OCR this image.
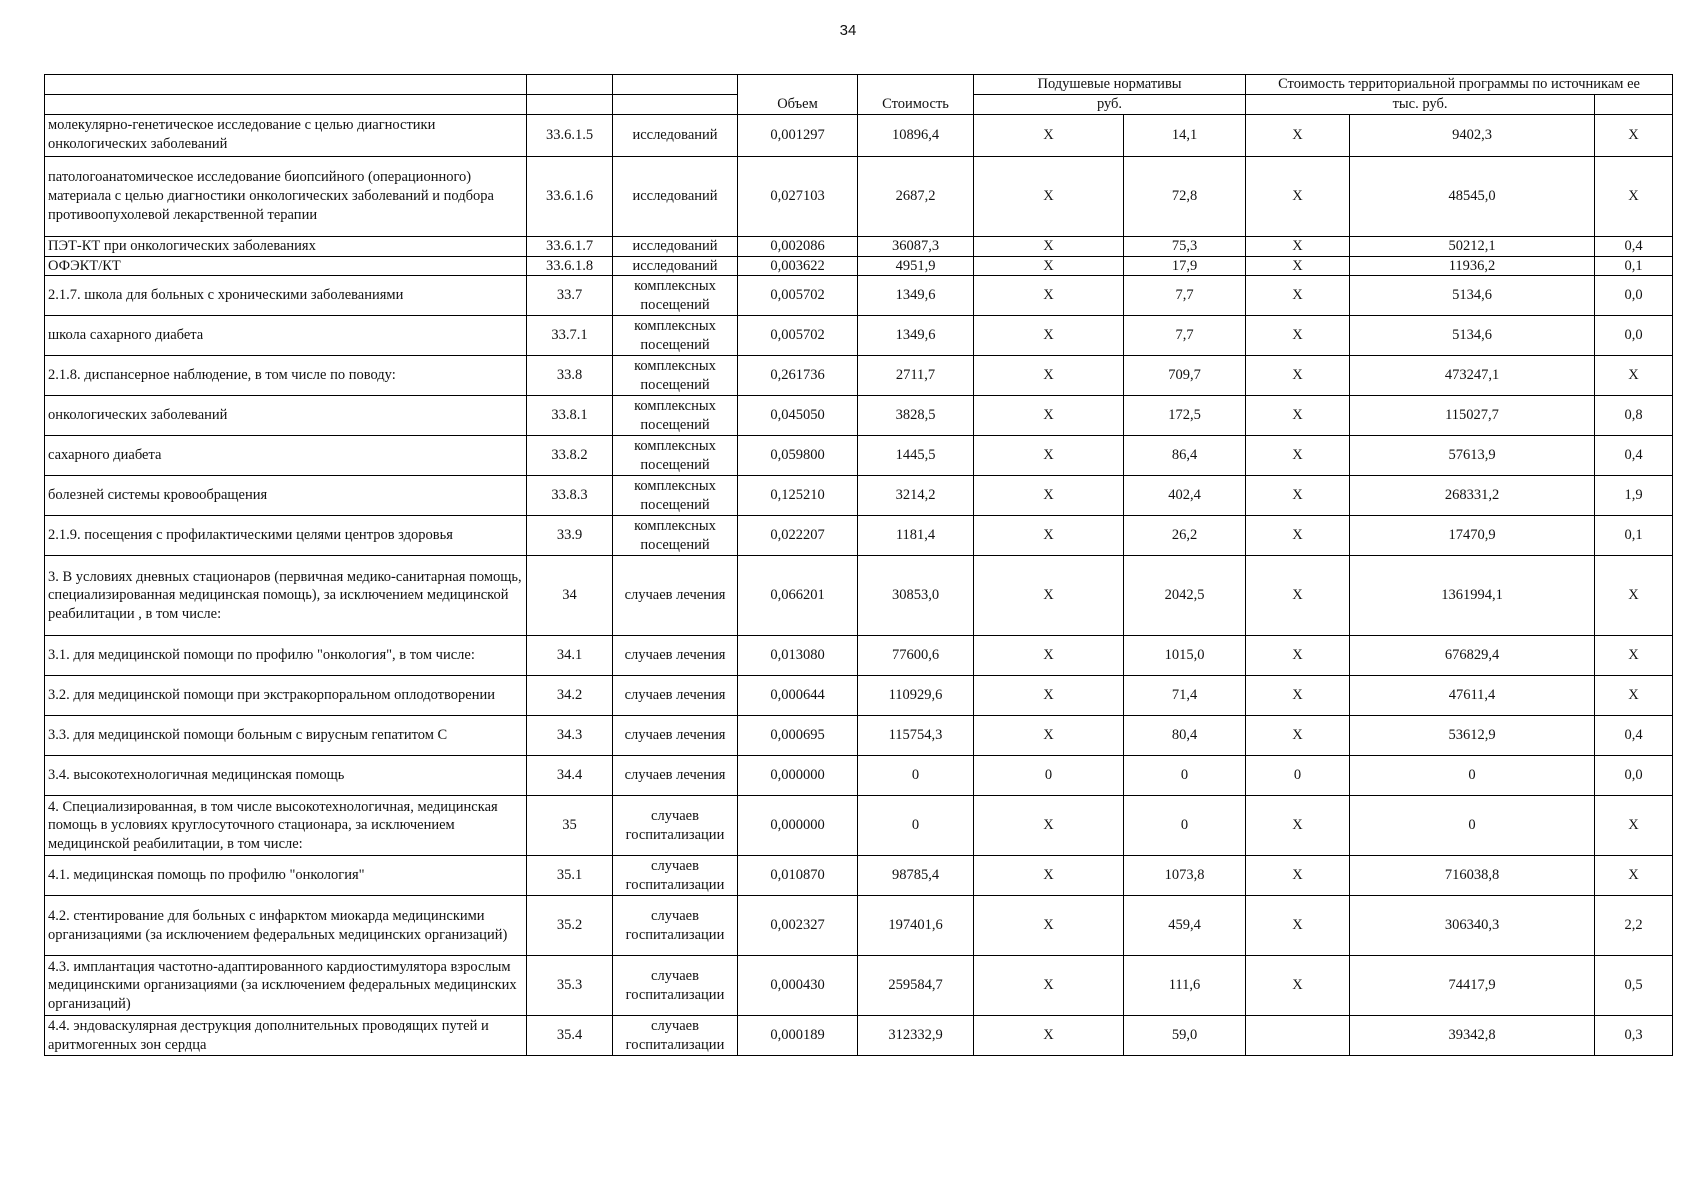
34
			Объем	Стоимость	Подушевые нормативы		Стоимость территориальной программы по источникам ее		
					руб.		тыс. руб.		
молекулярно-генетическое исследование с целью диагностики онкологических заболеваний	33.6.1.5	исследований	0,001297	10896,4	Х	14,1	Х	9402,3	Х
патологоанатомическое исследование биопсийного (операционного) материала с целью диагностики онкологических заболеваний и подбора противоопухолевой лекарственной терапии	33.6.1.6	исследований	0,027103	2687,2	Х	72,8	Х	48545,0	Х
ПЭТ-КТ при онкологических заболеваниях	33.6.1.7	исследований	0,002086	36087,3	Х	75,3	Х	50212,1	0,4
ОФЭКТ/КТ	33.6.1.8	исследований	0,003622	4951,9	Х	17,9	Х	11936,2	0,1
2.1.7. школа для больных с хроническими заболеваниями	33.7	комплексных посещений	0,005702	1349,6	Х	7,7	Х	5134,6	0,0
школа сахарного диабета	33.7.1	комплексных посещений	0,005702	1349,6	Х	7,7	Х	5134,6	0,0
2.1.8. диспансерное наблюдение, в том числе по поводу:	33.8	комплексных посещений	0,261736	2711,7	Х	709,7	Х	473247,1	Х
онкологических заболеваний	33.8.1	комплексных посещений	0,045050	3828,5	Х	172,5	Х	115027,7	0,8
сахарного диабета	33.8.2	комплексных посещений	0,059800	1445,5	Х	86,4	Х	57613,9	0,4
болезней системы кровообращения	33.8.3	комплексных посещений	0,125210	3214,2	Х	402,4	Х	268331,2	1,9
2.1.9. посещения с профилактическими целями центров здоровья	33.9	комплексных посещений	0,022207	1181,4	Х	26,2	Х	17470,9	0,1
3. В условиях дневных стационаров (первичная медико-санитарная помощь, специализированная медицинская помощь), за исключением медицинской реабилитации , в том числе:	34	случаев лечения	0,066201	30853,0	Х	2042,5	Х	1361994,1	Х
3.1. для медицинской помощи по профилю "онкология", в том числе:	34.1	случаев лечения	0,013080	77600,6	Х	1015,0	Х	676829,4	Х
3.2. для медицинской помощи при экстракорпоральном оплодотворении	34.2	случаев лечения	0,000644	110929,6	Х	71,4	Х	47611,4	Х
3.3. для медицинской помощи больным с вирусным гепатитом С	34.3	случаев лечения	0,000695	115754,3	Х	80,4	Х	53612,9	0,4
3.4. высокотехнологичная медицинская помощь	34.4	случаев лечения	0,000000	0	0	0	0	0	0,0
4. Специализированная, в том числе высокотехнологичная, медицинская помощь в условиях круглосуточного стационара, за исключением медицинской реабилитации, в том числе:	35	случаев госпитализации	0,000000	0	Х	0	Х	0	Х
4.1. медицинская помощь по профилю "онкология"	35.1	случаев госпитализации	0,010870	98785,4	Х	1073,8	Х	716038,8	Х
4.2. стентирование для больных с инфарктом миокарда медицинскими организациями (за исключением федеральных медицинских организаций)	35.2	случаев госпитализации	0,002327	197401,6	Х	459,4	Х	306340,3	2,2
4.3. имплантация частотно-адаптированного кардиостимулятора взрослым медицинскими организациями (за исключением федеральных медицинских организаций)	35.3	случаев госпитализации	0,000430	259584,7	Х	111,6	Х	74417,9	0,5
4.4. эндоваскулярная деструкция дополнительных проводящих путей и аритмогенных зон сердца	35.4	случаев госпитализации	0,000189	312332,9	Х	59,0		39342,8	0,3
